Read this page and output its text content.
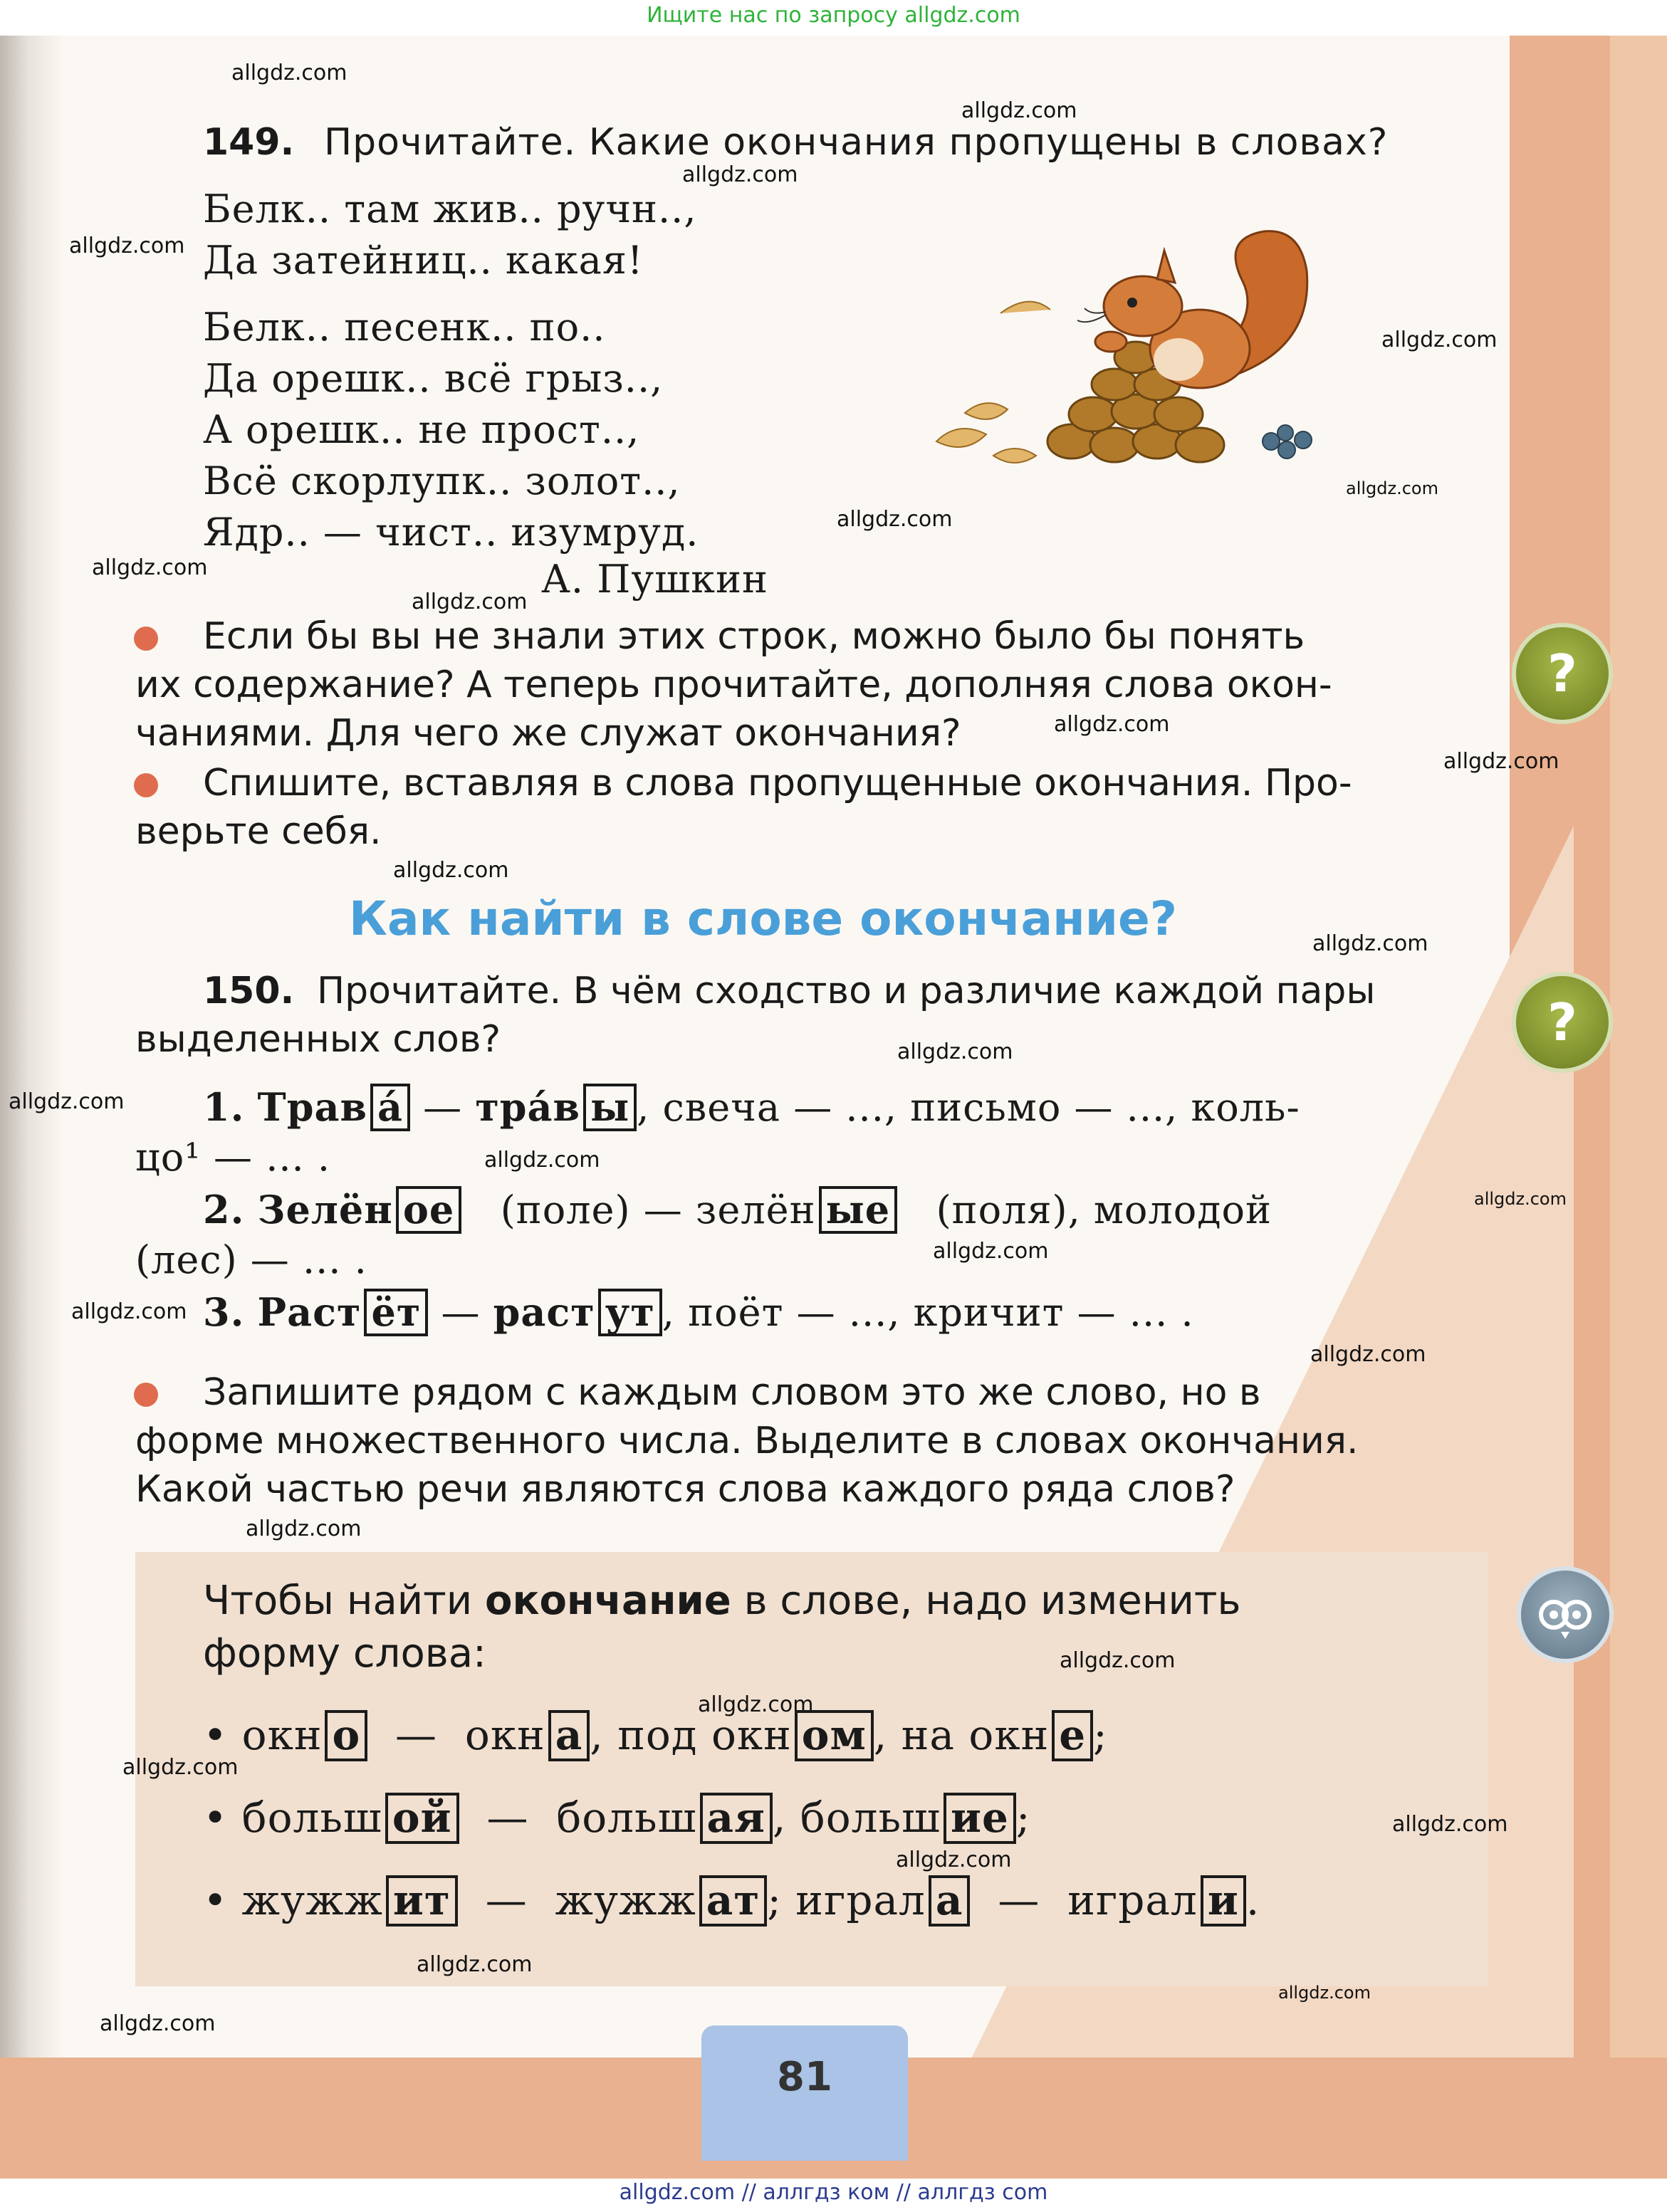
81
Ищите нас по запросу allgdz.com
allgdz.com // аллгдз ком // аллгдз com
allgdz.com
allgdz.com
allgdz.com
allgdz.com
allgdz.com
allgdz.com
allgdz.com
allgdz.com
allgdz.com
allgdz.com
allgdz.com
allgdz.com
allgdz.com
allgdz.com
allgdz.com
allgdz.com
allgdz.com
allgdz.com
allgdz.com
allgdz.com
allgdz.com
allgdz.com
allgdz.com
allgdz.com
allgdz.com
allgdz.com
allgdz.com
allgdz.com
allgdz.com
149. Прочитайте. Какие окончания пропущены в словах?
Белк.. там жив.. ручн..,
Да затейниц.. какая!
Белк.. песенк.. по..
Да орешк.. всё грыз..,
А орешк.. не прост..,
Всё скорлупк.. золот..,
Ядр.. — чист.. изумруд.
А. Пушкин
Если бы вы не знали этих строк, можно было бы понять
их содержание? А теперь прочитайте, дополняя слова окон-
чаниями. Для чего же служат окончания?
Спишите, вставляя в слова пропущенные окончания. Про-
верьте себя.
Как найти в слове окончание?
150. Прочитайте. В чём сходство и различие каждой пары
выделенных слов?
1. Трав á — трáв ы , свеча — ..., письмо — ..., коль-
цо¹ — ... .
2. Зелён ое (поле) — зелён ые (поля), молодой
(лес) — ... .
3. Раст ёт — раст ут , поёт — ..., кричит — ... .
Запишите рядом с каждым словом это же слово, но в
форме множественного числа. Выделите в словах окончания.
Какой частью речи являются слова каждого ряда слов?
Чтобы найти окончание в слове, надо изменить
форму слова:
• окн о — окн а , под окн ом , на окн е ;
• больш ой — больш ая , больш ие ;
• жужж ит — жужж ат ; играл а — играл и .
?
?
